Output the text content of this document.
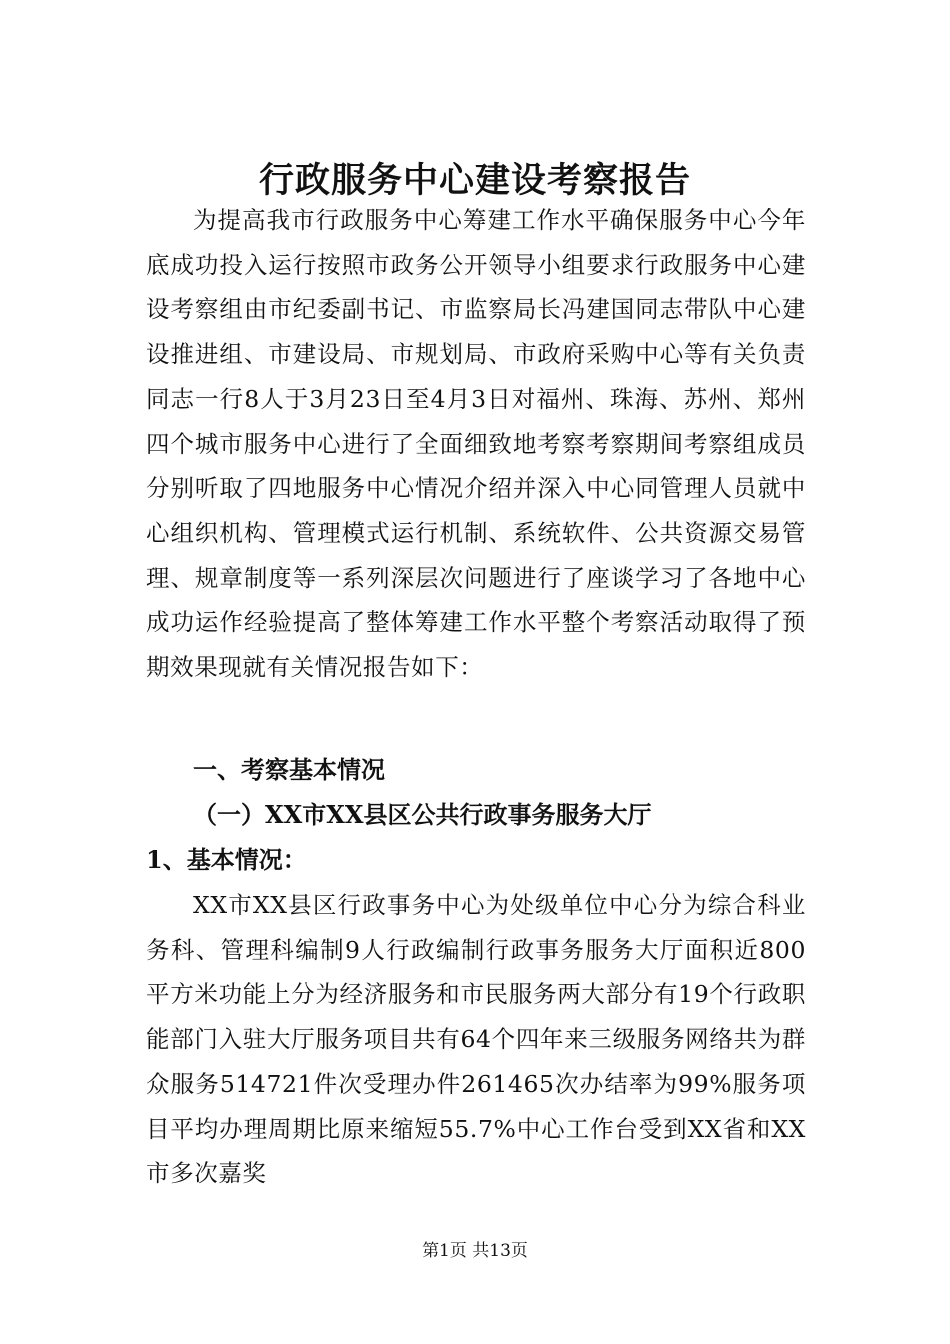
行政服务中心建设考察报告

为提高我市行政服务中心筹建工作水平确保服务中心今年底成功投入运行按照市政务公开领导小组要求行政服务中心建设考察组由市纪委副书记、市监察局长冯建国同志带队中心建设推进组、市建设局、市规划局、市政府采购中心等有关负责同志一行8人于3月23日至4月3日对福州、珠海、苏州、郑州四个城市服务中心进行了全面细致地考察考察期间考察组成员分别听取了四地服务中心情况介绍并深入中心同管理人员就中心组织机构、管理模式运行机制、系统软件、公共资源交易管理、规章制度等一系列深层次问题进行了座谈学习了各地中心成功运作经验提高了整体筹建工作水平整个考察活动取得了预期效果现就有关情况报告如下：

一、考察基本情况

（一）XX市XX县区公共行政事务服务大厅

1、基本情况：

XX市XX县区行政事务中心为处级单位中心分为综合科业务科、管理科编制9人行政编制行政事务服务大厅面积近800平方米功能上分为经济服务和市民服务两大部分有19个行政职能部门入驻大厅服务项目共有64个四年来三级服务网络共为群众服务514721件次受理办件261465次办结率为99%服务项目平均办理周期比原来缩短55.7%中心工作台受到XX省和XX市多次嘉奖

第1页 共13页
